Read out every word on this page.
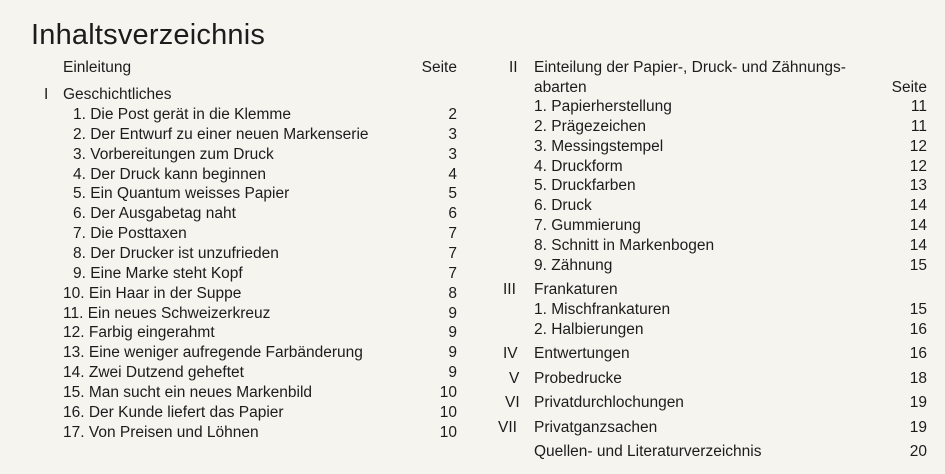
Inhaltsverzeichnis
Einleitung	Seite
I Geschichtliches
1. Die Post gerät in die Klemme	2
2. Der Entwurf zu einer neuen Markenserie	3
3. Vorbereitungen zum Druck	3
4. Der Druck kann beginnen	4
5. Ein Quantum weisses Papier	5
6. Der Ausgabetag naht	6
7. Die Posttaxen	7
8. Der Drucker ist unzufrieden	7
9. Eine Marke steht Kopf	7
10. Ein Haar in der Suppe	8
11. Ein neues Schweizerkreuz	9
12. Farbig eingerahmt	9
13. Eine weniger aufregende Farbänderung	9
14. Zwei Dutzend geheftet	9
15. Man sucht ein neues Markenbild	10
16. Der Kunde liefert das Papier	10
17. Von Preisen und Löhnen	10
II Einteilung der Papier-, Druck- und Zähnungs-
abarten	Seite
1. Papierherstellung	11
2. Prägezeichen	11
3. Messingstempel	12
4. Druckform	12
5. Druckfarben	13
6. Druck	14
7. Gummierung	14
8. Schnitt in Markenbogen	14
9. Zähnung	15
III Frankaturen
1. Mischfrankaturen	15
2. Halbierungen	16
IV Entwertungen	16
V Probedrucke	18
VI Privatdurchlochungen	19
VII Privatganzsachen	19
Quellen- und Literaturverzeichnis	20
